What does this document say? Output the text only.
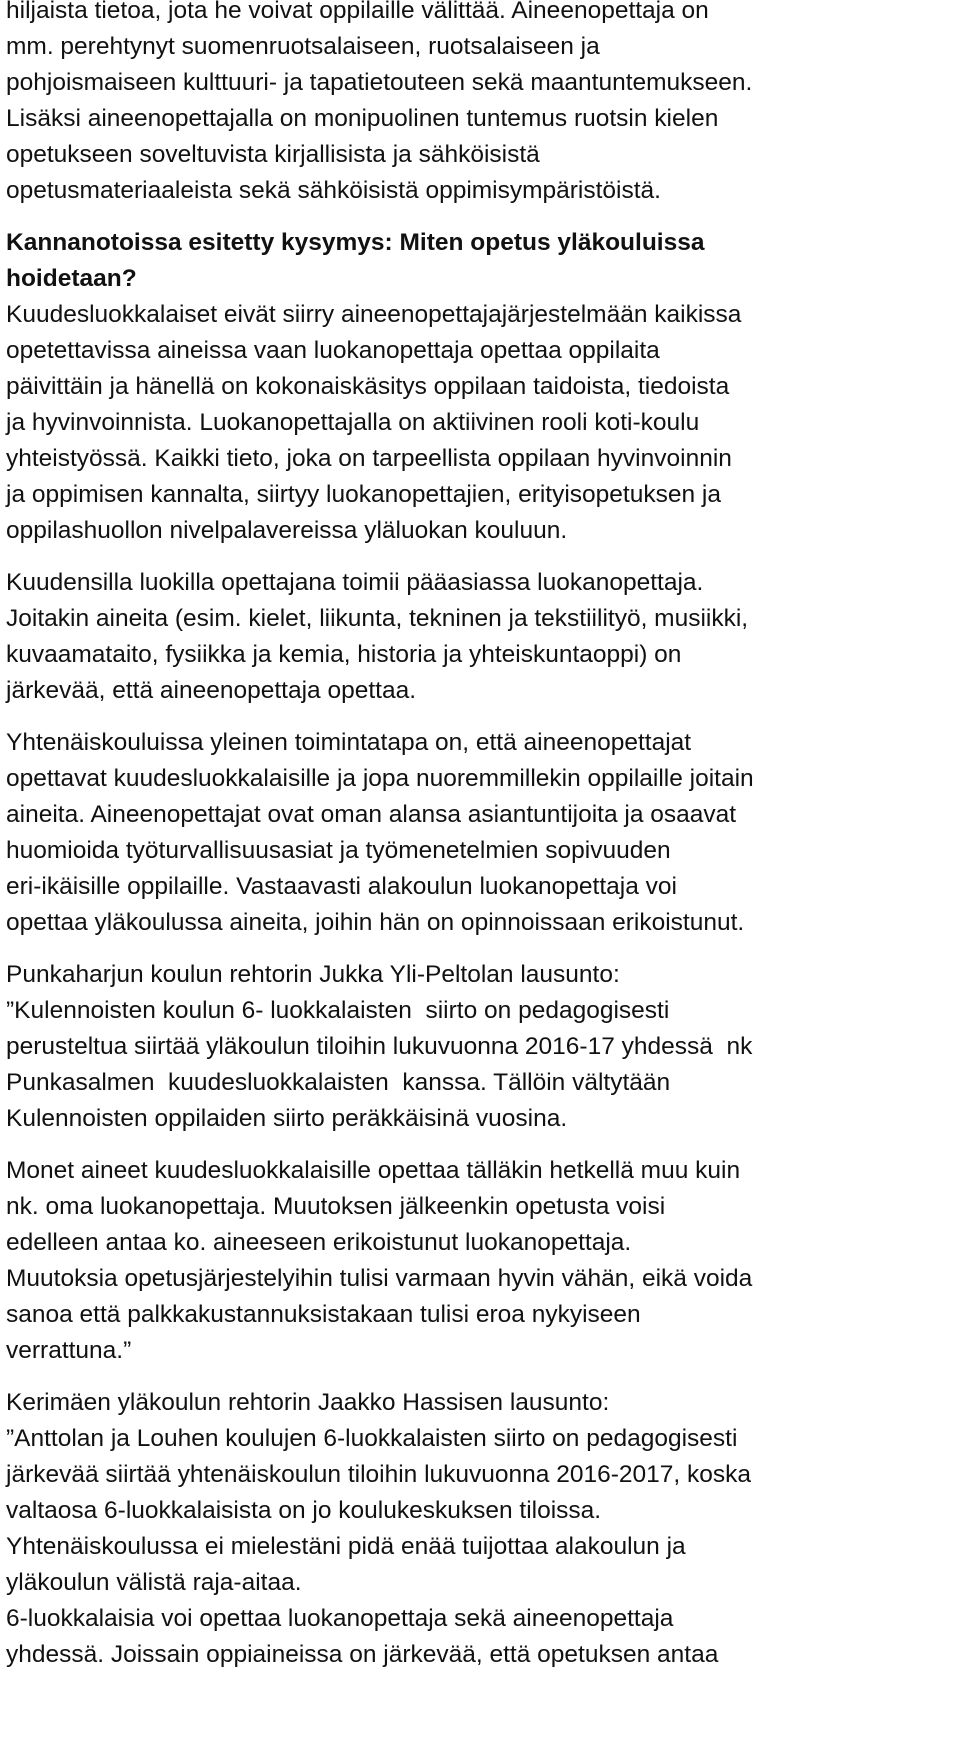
hiljaista tietoa, jota he voivat oppilaille välittää. Aineenopettaja on
mm. perehtynyt suomenruotsalaiseen, ruotsalaiseen ja
pohjoismaiseen kulttuuri- ja tapatietouteen sekä maantuntemukseen.
Lisäksi aineenopettajalla on monipuolinen tuntemus ruotsin kielen
opetukseen soveltuvista kirjallisista ja sähköisistä
opetusmateriaaleista sekä sähköisistä oppimisympäristöistä.
Kannanotoissa esitetty kysymys: Miten opetus yläkouluissa
hoidetaan?
Kuudesluokkalaiset eivät siirry aineenopettajajärjestelmään kaikissa
opetettavissa aineissa vaan luokanopettaja opettaa oppilaita
päivittäin ja hänellä on kokonaiskäsitys oppilaan taidoista, tiedoista
ja hyvinvoinnista. Luokanopettajalla on aktiivinen rooli koti-koulu
yhteistyössä. Kaikki tieto, joka on tarpeellista oppilaan hyvinvoinnin
ja oppimisen kannalta, siirtyy luokanopettajien, erityisopetuksen ja
oppilashuollon nivelpalavereissa yläluokan kouluun.
Kuudensilla luokilla opettajana toimii pääasiassa luokanopettaja.
Joitakin aineita (esim. kielet, liikunta, tekninen ja tekstiilityö, musiikki,
kuvaamataito, fysiikka ja kemia, historia ja yhteiskuntaoppi) on
järkevää, että aineenopettaja opettaa.
Yhtenäiskouluissa yleinen toimintatapa on, että aineenopettajat
opettavat kuudesluokkalaisille ja jopa nuoremmillekin oppilaille joitain
aineita. Aineenopettajat ovat oman alansa asiantuntijoita ja osaavat
huomioida työturvallisuusasiat ja työmenetelmien sopivuuden
eri-ikäisille oppilaille. Vastaavasti alakoulun luokanopettaja voi
opettaa yläkoulussa aineita, joihin hän on opinnoissaan erikoistunut.
Punkaharjun koulun rehtorin Jukka Yli-Peltolan lausunto:
”Kulennoisten koulun 6- luokkalaisten  siirto on pedagogisesti
perusteltua siirtää yläkoulun tiloihin lukuvuonna 2016-17 yhdessä  nk
Punkasalmen  kuudesluokkalaisten  kanssa. Tällöin vältytään
Kulennoisten oppilaiden siirto peräkkäisinä vuosina.
Monet aineet kuudesluokkalaisille opettaa tälläkin hetkellä muu kuin
nk. oma luokanopettaja. Muutoksen jälkeenkin opetusta voisi
edelleen antaa ko. aineeseen erikoistunut luokanopettaja.
Muutoksia opetusjärjestelyihin tulisi varmaan hyvin vähän, eikä voida
sanoa että palkkakustannuksistakaan tulisi eroa nykyiseen
verrattuna.”
Kerimäen yläkoulun rehtorin Jaakko Hassisen lausunto:
”Anttolan ja Louhen koulujen 6-luokkalaisten siirto on pedagogisesti
järkevää siirtää yhtenäiskoulun tiloihin lukuvuonna 2016-2017, koska
valtaosa 6-luokkalaisista on jo koulukeskuksen tiloissa.
Yhtenäiskoulussa ei mielestäni pidä enää tuijottaa alakoulun ja
yläkoulun välistä raja-aitaa.
6-luokkalaisia voi opettaa luokanopettaja sekä aineenopettaja
yhdessä. Joissain oppiaineissa on järkevää, että opetuksen antaa
